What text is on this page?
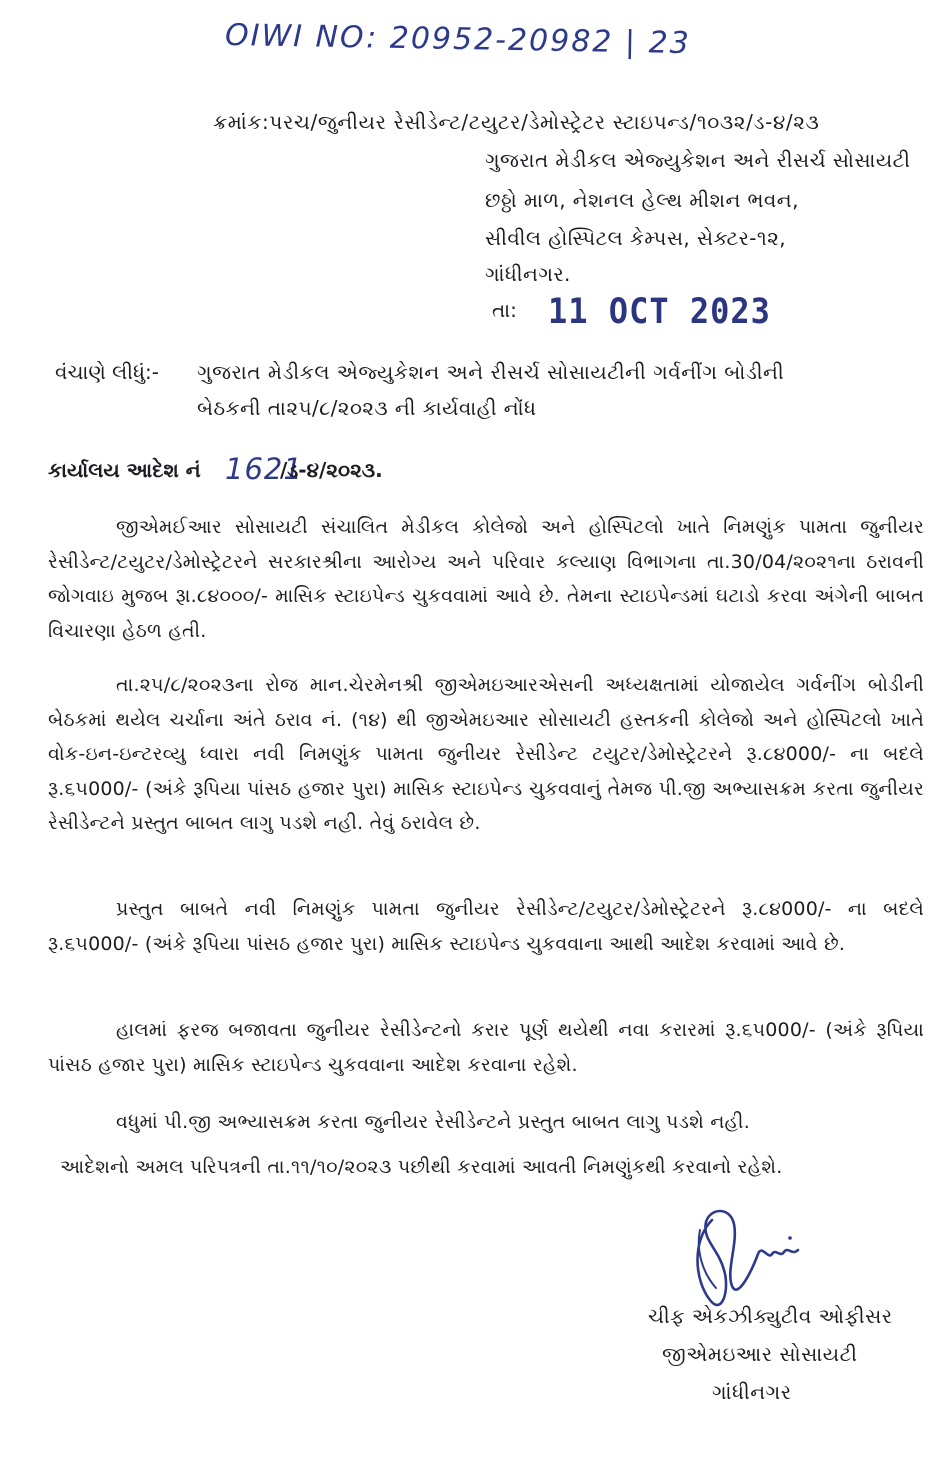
OIWI NO: 20952-20982 | 23
ક્રમાંક:પરચ/જુનીયર રેસીડેન્ટ/ટયુટર/ડેમોસ્ટ્રેટર સ્ટાઇપન્ડ/૧૦૩૨/ડ-૪/૨૩
ગુજરાત મેડીકલ એજ્યુકેશન અને રીસર્ચ સોસાયટી
છઠ્ઠો માળ, નેશનલ હેલ્થ મીશન ભવન,
સીવીલ હોસ્પિટલ કેમ્પસ, સેક્ટર-૧૨,
ગાંધીનગર.
તા: 11 OCT 2023
વંચાણે લીધું:- ગુજરાત મેડીકલ એજ્યુકેશન અને રીસર્ચ સોસાયટીની ગર્વનીંગ બોડીની
બેઠકની તા૨૫/૮/૨૦૨૩ ની કાર્યવાહી નોંધ
કાર્યાલય આદેશ નં 1621
/ડ-૪/૨૦૨૩.
જીએમઈઆર સોસાયટી સંચાલિત મેડીકલ કોલેજો અને હોસ્પિટલો ખાતે નિમણુંક પામતા જુનીયર રેસીડેન્ટ/ટયુટર/ડેમોસ્ટ્રેટરને સરકારશ્રીના આરોગ્ય અને પરિવાર કલ્યાણ વિભાગના તા.30/04/૨૦૨૧ના ઠરાવની જોગવાઇ મુજબ રૂા.૮૪૦૦૦/- માસિક સ્ટાઇપેન્ડ ચુકવવામાં આવે છે. તેમના સ્ટાઇપેન્ડમાં ઘટાડો કરવા અંગેની બાબત વિચારણા હેઠળ હતી.
તા.૨૫/૮/૨૦૨૩ના રોજ માન.ચેરમેનશ્રી જીએમઇઆરએસની અધ્યક્ષતામાં યોજાયેલ ગર્વનીંગ બોડીની બેઠકમાં થયેલ ચર્ચાના અંતે ઠરાવ નં. (૧૪) થી જીએમઇઆર સોસાયટી હસ્તકની કોલેજો અને હોસ્પિટલો ખાતે વોક-ઇન-ઇન્ટરવ્યુ ધ્વારા નવી નિમણુંક પામતા જુનીયર રેસીડેન્ટ ટયુટર/ડેમોસ્ટ્રેટરને રૂ.૮૪000/- ના બદલે રૂ.૬૫000/- (અંકે રૂપિયા પાંસઠ હજાર પુરા) માસિક સ્ટાઇપેન્ડ ચુકવવાનું તેમજ પી.જી અભ્યાસક્રમ કરતા જુનીયર રેસીડેન્ટને પ્રસ્તુત બાબત લાગુ પડશે નહી. તેવું ઠરાવેલ છે.
પ્રસ્તુત બાબતે નવી નિમણુંક પામતા જુનીયર રેસીડેન્ટ/ટયુટર/ડેમોસ્ટ્રેટરને રૂ.૮૪000/- ના બદલે રૂ.૬૫000/- (અંકે રૂપિયા પાંસઠ હજાર પુરા) માસિક સ્ટાઇપેન્ડ ચુકવવાના આથી આદેશ કરવામાં આવે છે.
હાલમાં ફરજ બજાવતા જુનીયર રેસીડેન્ટનો કરાર પૂર્ણ થયેથી નવા કરારમાં રૂ.૬૫000/- (અંકે રૂપિયા પાંસઠ હજાર પુરા) માસિક સ્ટાઇપેન્ડ ચુકવવાના આદેશ કરવાના રહેશે.
વધુમાં પી.જી અભ્યાસક્રમ કરતા જુનીયર રેસીડેન્ટને પ્રસ્તુત બાબત લાગુ પડશે નહી.
આદેશનો અમલ પરિપત્રની તા.૧૧/૧૦/૨૦૨૩ પછીથી કરવામાં આવતી નિમણુંકથી કરવાનો રહેશે.
ચીફ એકઝીક્યુટીવ ઓફીસર
જીએમઇઆર સોસાયટી
ગાંધીનગર
